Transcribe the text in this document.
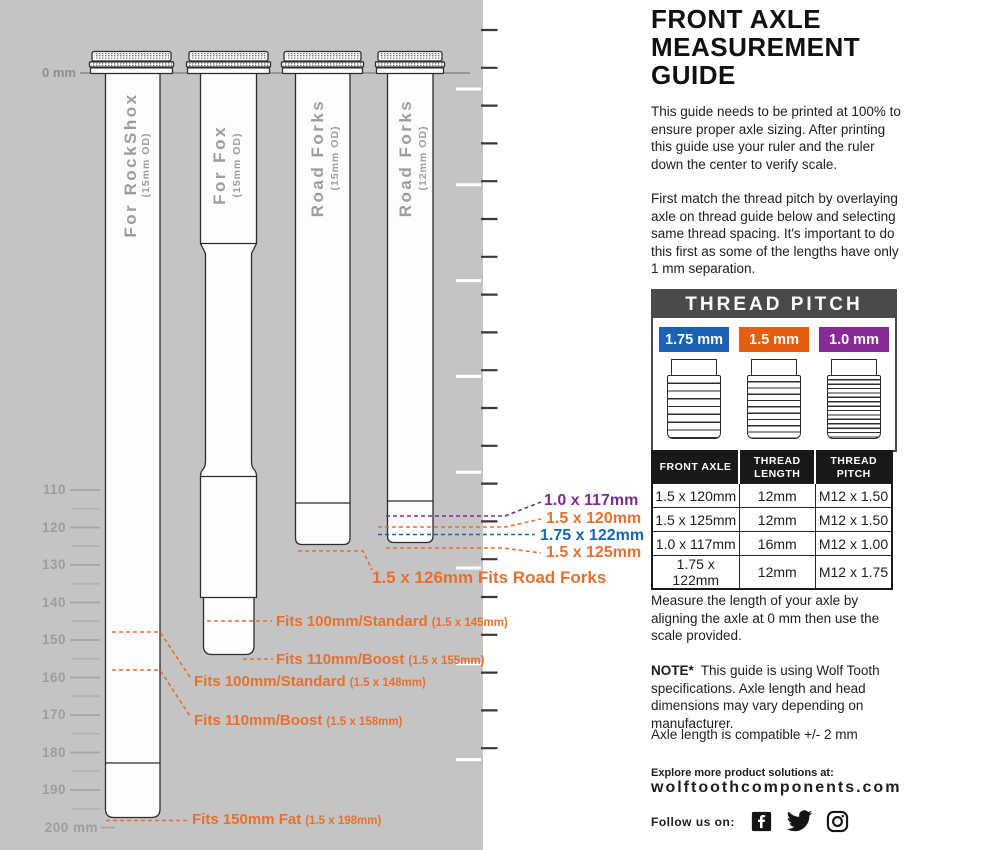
0 mm
110
120
130
140
150
160
170
180
190
200 mm
For RockShox (15mm OD)	For Fox (15mm OD)	Road Forks (15mm OD)	Road Forks (12mm OD)
1.0 x 117mm
1.5 x 120mm
1.75 x 122mm
1.5 x 125mm
1.5 x 126mm Fits Road Forks
Fits 100mm/Standard (1.5 x 145mm)
Fits 110mm/Boost (1.5 x 155mm)
Fits 100mm/Standard (1.5 x 148mm)
Fits 110mm/Boost (1.5 x 158mm)
Fits 150mm Fat (1.5 x 198mm)
FRONT AXLE
MEASUREMENT
GUIDE

This guide needs to be printed at 100% to ensure proper axle sizing. After printing this guide use your ruler and the ruler down the center to verify scale.

First match the thread pitch by overlaying axle on thread guide below and selecting same thread spacing. It's important to do this first as some of the lengths have only 1 mm separation.

THREAD PITCH
1.75 mm	1.5 mm	1.0 mm
FRONT AXLE	THREAD LENGTH	THREAD PITCH
1.5 x 120mm	12mm	M12 x 1.50
1.5 x 125mm	12mm	M12 x 1.50
1.0 x 117mm	16mm	M12 x 1.00
1.75 x 122mm	12mm	M12 x 1.75

Measure the length of your axle by aligning the axle at 0 mm then use the scale provided.

NOTE* This guide is using Wolf Tooth specifications. Axle length and head dimensions may vary depending on manufacturer.

Axle length is compatible +/- 2 mm

Explore more product solutions at:
wolftoothcomponents.com
Follow us on:
